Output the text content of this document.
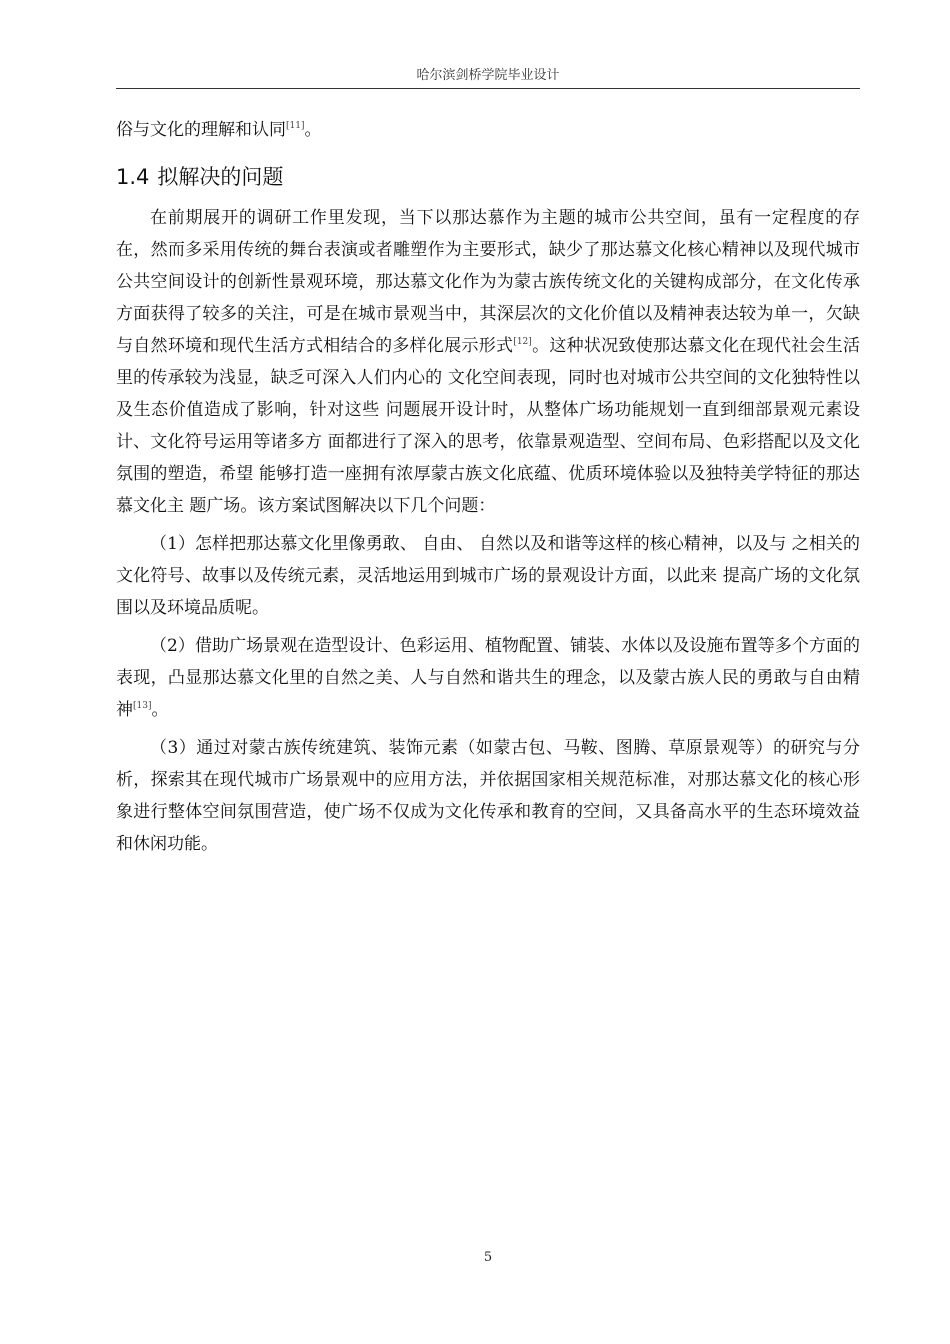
哈尔滨剑桥学院毕业设计

俗与文化的理解和认同[11]。

1.4 拟解决的问题

在前期展开的调研工作里发现，当下以那达慕作为主题的城市公共空间，虽有一定程度的存在，然而多采用传统的舞台表演或者雕塑作为主要形式，缺少了那达慕文化核心精神以及现代城市公共空间设计的创新性景观环境，那达慕文化作为为蒙古族传统文化的关键构成部分，在文化传承方面获得了较多的关注，可是在城市景观当中，其深层次的文化价值以及精神表达较为单一，欠缺与自然环境和现代生活方式相结合的多样化展示形式[12]。这种状况致使那达慕文化在现代社会生活里的传承较为浅显，缺乏可深入人们内心的 文化空间表现，同时也对城市公共空间的文化独特性以及生态价值造成了影响，针对这些 问题展开设计时，从整体广场功能规划一直到细部景观元素设计、文化符号运用等诸多方 面都进行了深入的思考，依靠景观造型、空间布局、色彩搭配以及文化氛围的塑造，希望 能够打造一座拥有浓厚蒙古族文化底蕴、优质环境体验以及独特美学特征的那达慕文化主 题广场。该方案试图解决以下几个问题：

（1）怎样把那达慕文化里像勇敢、 自由、 自然以及和谐等这样的核心精神，以及与 之相关的文化符号、故事以及传统元素，灵活地运用到城市广场的景观设计方面，以此来 提高广场的文化氛围以及环境品质呢。

（2）借助广场景观在造型设计、色彩运用、植物配置、铺装、水体以及设施布置等多个方面的表现，凸显那达慕文化里的自然之美、人与自然和谐共生的理念，以及蒙古族人民的勇敢与自由精神[13]。

（3）通过对蒙古族传统建筑、装饰元素（如蒙古包、马鞍、图腾、草原景观等）的研究与分析，探索其在现代城市广场景观中的应用方法，并依据国家相关规范标准，对那达慕文化的核心形象进行整体空间氛围营造，使广场不仅成为文化传承和教育的空间，又具备高水平的生态环境效益和休闲功能。

5
